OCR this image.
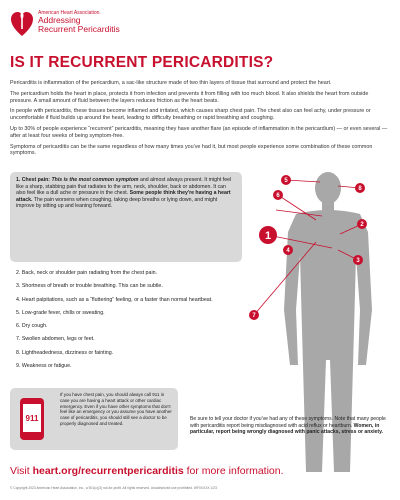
American Heart Association.
Addressing
Recurrent Pericarditis
IS IT RECURRENT PERICARDITIS?

Pericarditis is inflammation of the pericardium, a sac-like structure made of two thin layers of tissue that surround and protect the heart.

The pericardium holds the heart in place, protects it from infection and prevents it from filling with too much blood. It also shields the heart from outside pressure. A small amount of fluid between the layers reduces friction as the heart beats.

In people with pericarditis, these tissues become inflamed and irritated, which causes sharp chest pain. The chest also can feel achy, under pressure or uncomfortable if fluid builds up around the heart, leading to difficulty breathing or rapid breathing and coughing.

Up to 30% of people experience “recurrent” pericarditis, meaning they have another flare (an episode of inflammation in the pericardium) — or even several — after at least four weeks of being symptom-free.

Symptoms of pericarditis can be the same regardless of how many times you've had it, but most people experience some combination of these common symptoms.

1. Chest pain: This is the most common symptom and almost always present. It might feel like a sharp, stabbing pain that radiates to the arm, neck, shoulder, back or abdomen. It can also feel like a dull ache or pressure in the chest. Some people think they're having a heart attack. The pain worsens when coughing, taking deep breaths or lying down, and might improve by sitting up and leaning forward.
2. Back, neck or shoulder pain radiating from the chest pain.
3. Shortness of breath or trouble breathing. This can be subtle.
4. Heart palpitations, such as a “fluttering” feeling, or a faster than normal heartbeat.
5. Low-grade fever, chills or sweating.
6. Dry cough.
7. Swollen abdomen, legs or feet.
8. Lightheadedness, dizziness or fainting.
9. Weakness or fatigue.
5
8
6
2
1
4
3
7
911
If you have chest pain, you should always call 911 in case you are having a heart attack or other cardiac emergency. Even if you have other symptoms that don't feel like an emergency or you assume you have another case of pericarditis, you should still see a doctor to be properly diagnosed and treated.
Be sure to tell your doctor if you've had any of these symptoms. Note that many people with pericarditis report being misdiagnosed with acid reflux or heartburn. Women, in particular, report being wrongly diagnosed with panic attacks, stress or anxiety.
Visit heart.org/recurrentpericarditis for more information.
© Copyright 2023 American Heart Association, Inc., a 501(c)(3) not-for-profit. All rights reserved. Unauthorized use prohibited. WF0XXXX 1/23
